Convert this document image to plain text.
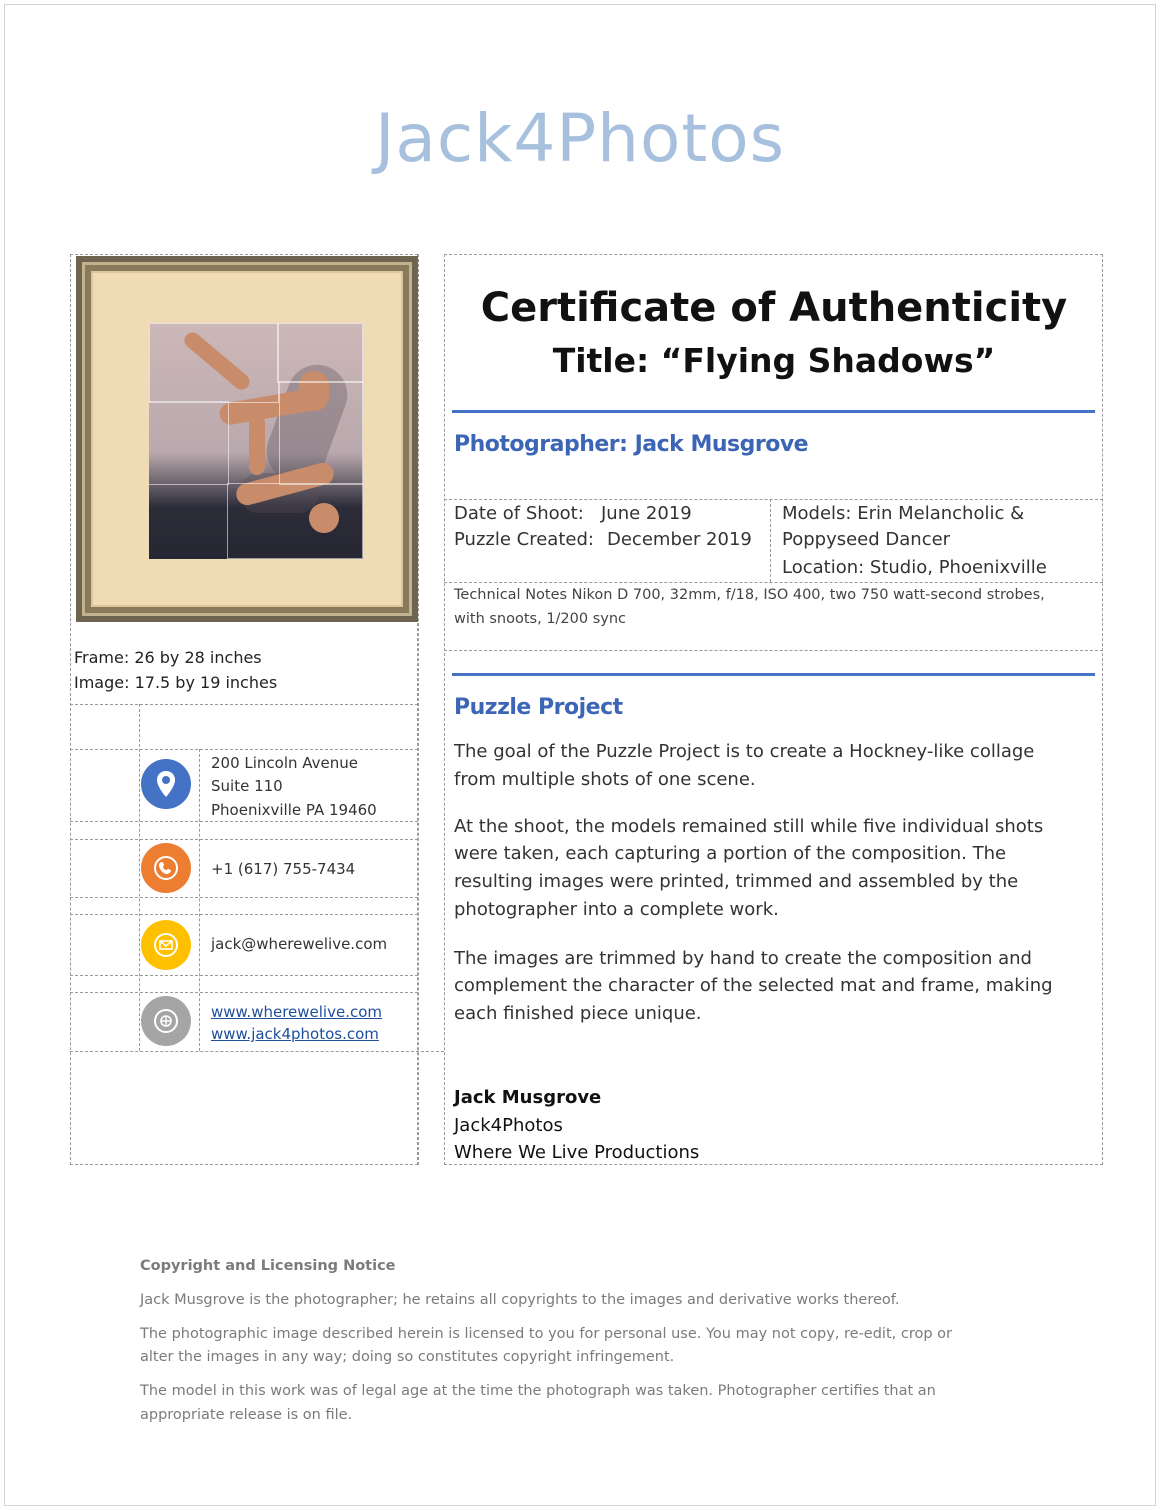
Jack4Photos
Frame: 26 by 28 inches
Image: 17.5 by 19 inches
200 Lincoln Avenue
Suite 110
Phoenixville PA 19460
+1 (617) 755-7434
jack@wherewelive.com
www.wherewelive.com
www.jack4photos.com
Certificate of Authenticity
Title: “Flying Shadows”
Photographer: Jack Musgrove
Date of Shoot: June 2019
Puzzle Created: December 2019
Models: Erin Melancholic &
Poppyseed Dancer
Location: Studio, Phoenixville
Technical Notes Nikon D 700, 32mm, f/18, ISO 400, two 750 watt-second strobes,
with snoots, 1/200 sync
Puzzle Project
The goal of the Puzzle Project is to create a Hockney-like collage
from multiple shots of one scene.
At the shoot, the models remained still while five individual shots
were taken, each capturing a portion of the composition. The
resulting images were printed, trimmed and assembled by the
photographer into a complete work.
The images are trimmed by hand to create the composition and
complement the character of the selected mat and frame, making
each finished piece unique.
Jack Musgrove
Jack4Photos
Where We Live Productions
Copyright and Licensing Notice
Jack Musgrove is the photographer; he retains all copyrights to the images and derivative works thereof.
The photographic image described herein is licensed to you for personal use. You may not copy, re-edit, crop or
alter the images in any way; doing so constitutes copyright infringement.
The model in this work was of legal age at the time the photograph was taken. Photographer certifies that an
appropriate release is on file.
